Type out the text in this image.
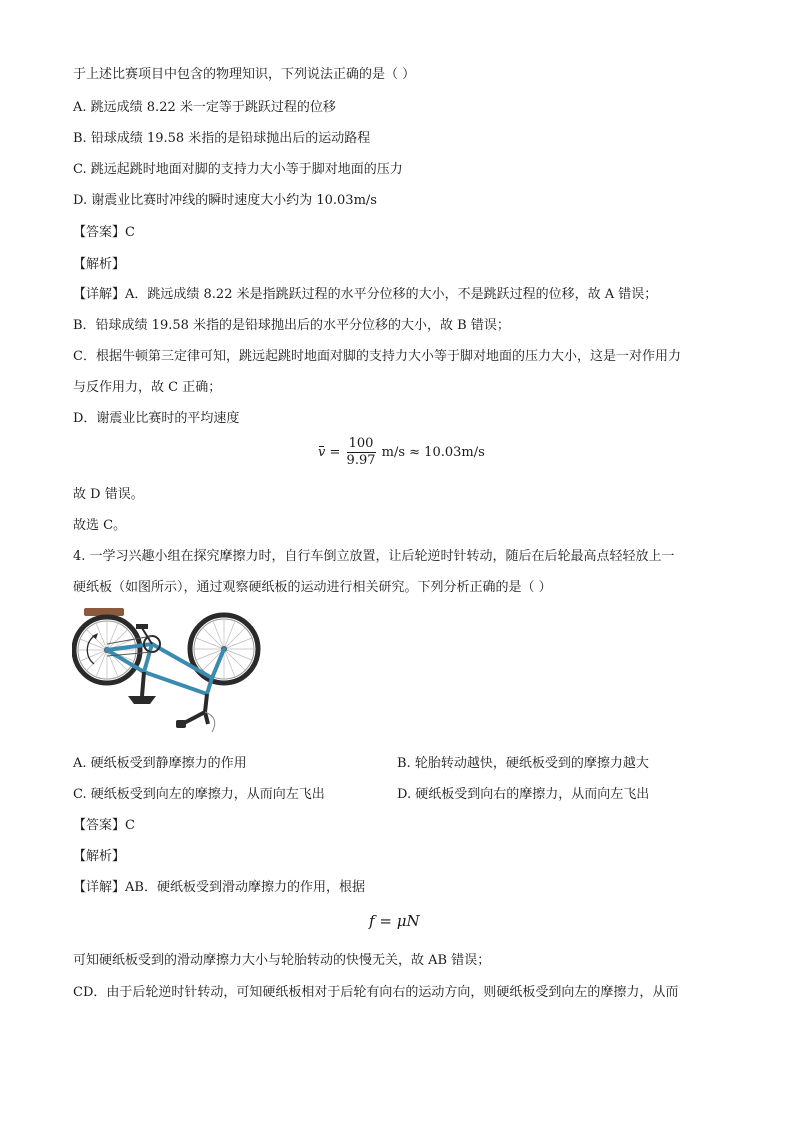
于上述比赛项目中包含的物理知识，下列说法正确的是（ ）
A. 跳远成绩 8.22 米一定等于跳跃过程的位移
B. 铅球成绩 19.58 米指的是铅球抛出后的运动路程
C. 跳远起跳时地面对脚的支持力大小等于脚对地面的压力
D. 谢震业比赛时冲线的瞬时速度大小约为 10.03m/s
【答案】C
【解析】
【详解】A．跳远成绩 8.22 米是指跳跃过程的水平分位移的大小，不是跳跃过程的位移，故 A 错误；
B．铅球成绩 19.58 米指的是铅球抛出后的水平分位移的大小，故 B 错误；
C．根据牛顿第三定律可知，跳远起跳时地面对脚的支持力大小等于脚对地面的压力大小，这是一对作用力
与反作用力，故 C 正确；
D．谢震业比赛时的平均速度
$v = \frac{100}{9.97} m/s \approx 10.03m/s$
故 D 错误。
故选 C。
4. 一学习兴趣小组在探究摩擦力时，自行车倒立放置，让后轮逆时针转动，随后在后轮最高点轻轻放上一
硬纸板（如图所示），通过观察硬纸板的运动进行相关研究。下列分析正确的是（ ）
A. 硬纸板受到静摩擦力的作用	B. 轮胎转动越快，硬纸板受到的摩擦力越大
C. 硬纸板受到向左的摩擦力，从而向左飞出	D. 硬纸板受到向右的摩擦力，从而向左飞出
【答案】C
【解析】
【详解】AB．硬纸板受到滑动摩擦力的作用，根据
f = μN
可知硬纸板受到的滑动摩擦力大小与轮胎转动的快慢无关，故 AB 错误；
CD．由于后轮逆时针转动，可知硬纸板相对于后轮有向右的运动方向，则硬纸板受到向左的摩擦力，从而
